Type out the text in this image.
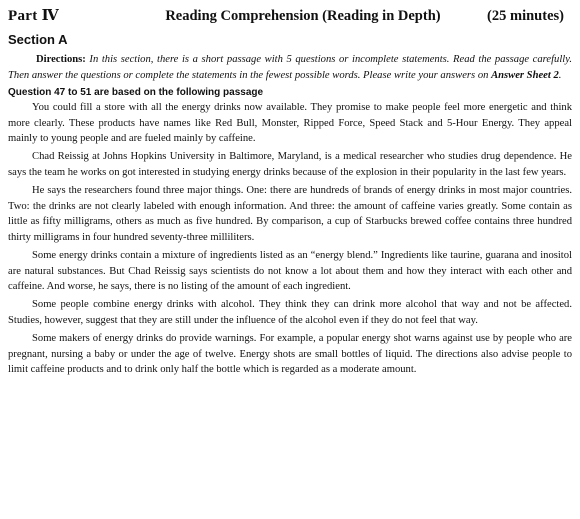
Part Ⅳ	Reading Comprehension (Reading in Depth)	(25 minutes)
Section A
Directions: In this section, there is a short passage with 5 questions or incomplete statements. Read the passage carefully. Then answer the questions or complete the statements in the fewest possible words. Please write your answers on Answer Sheet 2.
Question 47 to 51 are based on the following passage

You could fill a store with all the energy drinks now available. They promise to make people feel more energetic and think more clearly. These products have names like Red Bull, Monster, Ripped Force, Speed Stack and 5-Hour Energy. They appeal mainly to young people and are fueled mainly by caffeine.

Chad Reissig at Johns Hopkins University in Baltimore, Maryland, is a medical researcher who studies drug dependence. He says the team he works on got interested in studying energy drinks because of the explosion in their popularity in the last few years.

He says the researchers found three major things. One: there are hundreds of brands of energy drinks in most major countries. Two: the drinks are not clearly labeled with enough information. And three: the amount of caffeine varies greatly. Some contain as little as fifty milligrams, others as much as five hundred. By comparison, a cup of Starbucks brewed coffee contains three hundred thirty milligrams in four hundred seventy-three milliliters.

Some energy drinks contain a mixture of ingredients listed as an “energy blend.” Ingredients like taurine, guarana and inositol are natural substances. But Chad Reissig says scientists do not know a lot about them and how they interact with each other and caffeine. And worse, he says, there is no listing of the amount of each ingredient.

Some people combine energy drinks with alcohol. They think they can drink more alcohol that way and not be affected. Studies, however, suggest that they are still under the influence of the alcohol even if they do not feel that way.

Some makers of energy drinks do provide warnings. For example, a popular energy shot warns against use by people who are pregnant, nursing a baby or under the age of twelve. Energy shots are small bottles of liquid. The directions also advise people to limit caffeine products and to drink only half the bottle which is regarded as a moderate amount.
